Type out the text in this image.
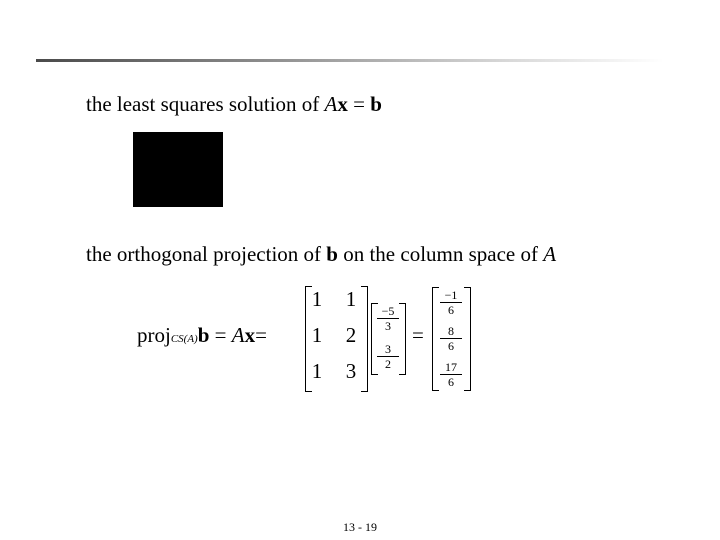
the least squares solution of Ax = b
the orthogonal projection of b on the column space of A
projCS(A)b = Ax=
1 1
1 2
1 3
−5
3
3
2
=
−1
6
8
6
17
6
13 - 19
